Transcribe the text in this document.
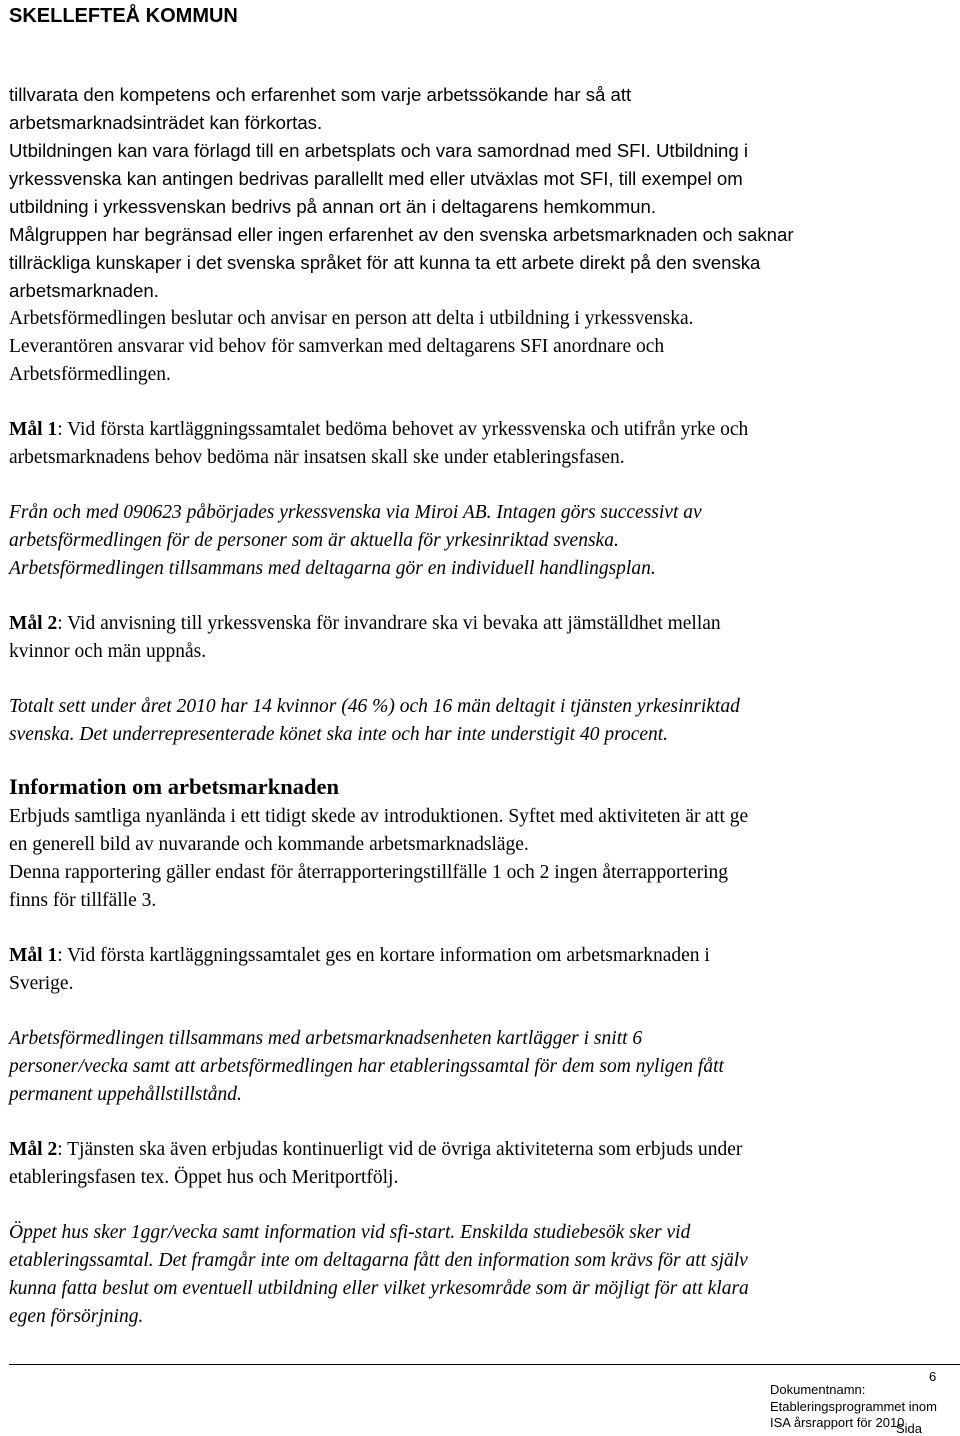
SKELLEFTEÅ KOMMUN

tillvarata den kompetens och erfarenhet som varje arbetssökande har så att

arbetsmarknadsinträdet kan förkortas.

Utbildningen kan vara förlagd till en arbetsplats och vara samordnad med SFI. Utbildning i

yrkessvenska kan antingen bedrivas parallellt med eller utväxlas mot SFI, till exempel om

utbildning i yrkessvenskan bedrivs på annan ort än i deltagarens hemkommun.

Målgruppen har begränsad eller ingen erfarenhet av den svenska arbetsmarknaden och saknar

tillräckliga kunskaper i det svenska språket för att kunna ta ett arbete direkt på den svenska

arbetsmarknaden.

Arbetsförmedlingen beslutar och anvisar en person att delta i utbildning i yrkessvenska.

Leverantören ansvarar vid behov för samverkan med deltagarens SFI anordnare och

Arbetsförmedlingen.

Mål 1: Vid första kartläggningssamtalet bedöma behovet av yrkessvenska och utifrån yrke och

arbetsmarknadens behov bedöma när insatsen skall ske under etableringsfasen.

Från och med 090623 påbörjades yrkessvenska via Miroi AB. Intagen görs successivt av

arbetsförmedlingen för de personer som är aktuella för yrkesinriktad svenska.

Arbetsförmedlingen tillsammans med deltagarna gör en individuell handlingsplan.

Mål 2: Vid anvisning till yrkessvenska för invandrare ska vi bevaka att jämställdhet mellan

kvinnor och män uppnås.

Totalt sett under året 2010 har 14 kvinnor (46 %) och 16 män deltagit i tjänsten yrkesinriktad

svenska. Det underrepresenterade könet ska inte och har inte understigit 40 procent.

Information om arbetsmarknaden

Erbjuds samtliga nyanlända i ett tidigt skede av introduktionen. Syftet med aktiviteten är att ge

en generell bild av nuvarande och kommande arbetsmarknadsläge.

Denna rapportering gäller endast för återrapporteringstillfälle 1 och 2 ingen återrapportering

finns för tillfälle 3.

Mål 1: Vid första kartläggningssamtalet ges en kortare information om arbetsmarknaden i

Sverige.

Arbetsförmedlingen tillsammans med arbetsmarknadsenheten kartlägger i snitt 6

personer/vecka samt att arbetsförmedlingen har etableringssamtal för dem som nyligen fått

permanent uppehållstillstånd.

Mål 2: Tjänsten ska även erbjudas kontinuerligt vid de övriga aktiviteterna som erbjuds under

etableringsfasen tex. Öppet hus och Meritportfölj.

Öppet hus sker 1ggr/vecka samt information vid sfi-start. Enskilda studiebesök sker vid

etableringssamtal. Det framgår inte om deltagarna fått den information som krävs för att själv

kunna fatta beslut om eventuell utbildning eller vilket yrkesområde som är möjligt för att klara

egen försörjning.

6
Dokumentnamn:
Etableringsprogrammet inom
ISA årsrapport för 2010
Sida
